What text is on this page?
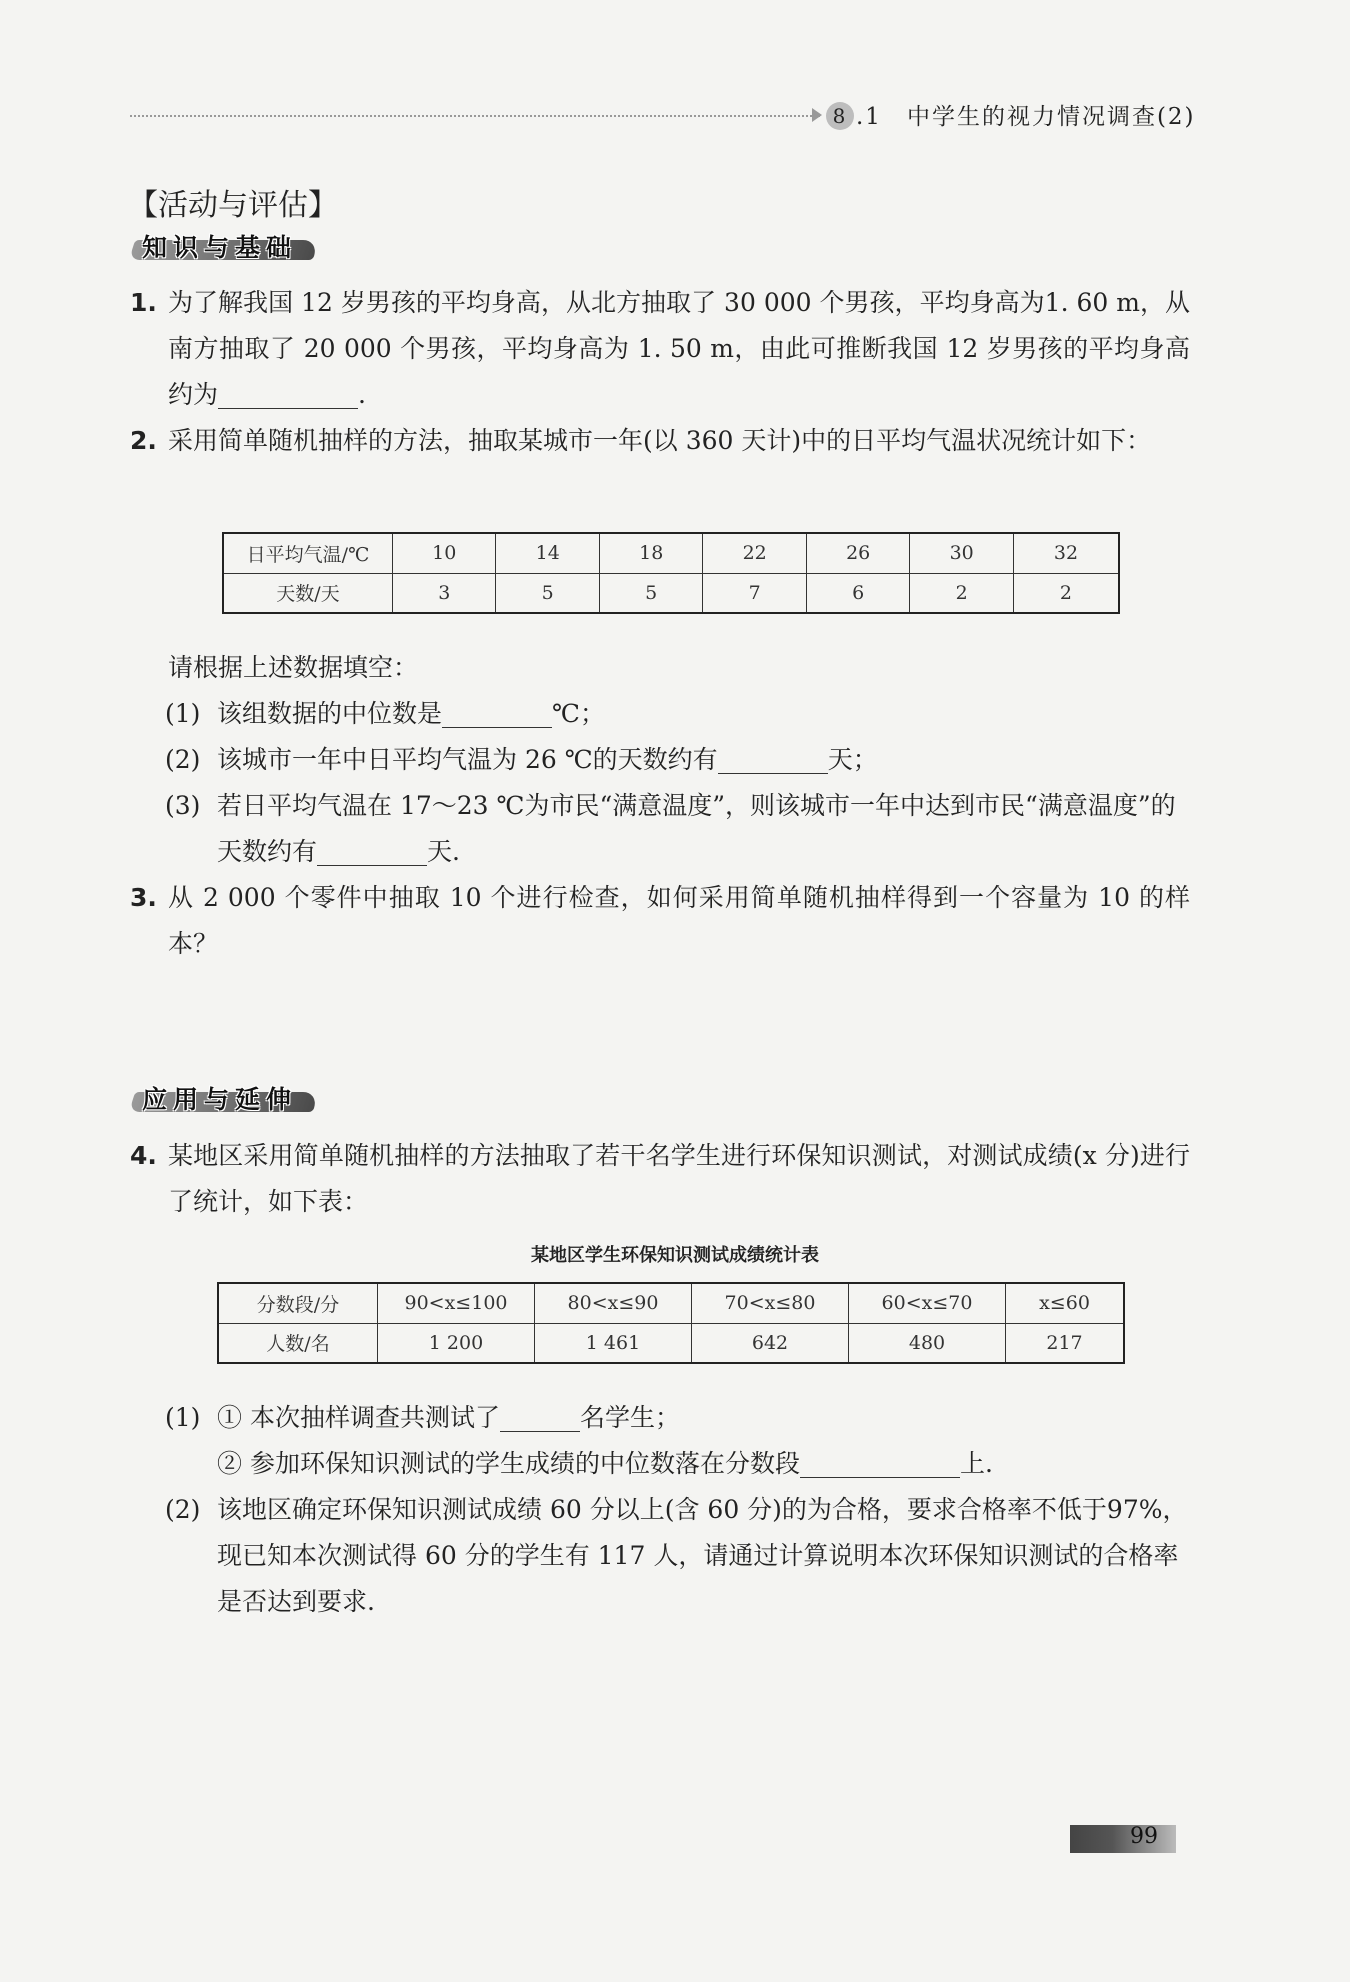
8 .1　中学生的视力情况调查(2)
【活动与评估】
知识与基础
1. 为了解我国 12 岁男孩的平均身高，从北方抽取了 30 000 个男孩，平均身高为1. 60 m，从南方抽取了 20 000 个男孩，平均身高为 1. 50 m，由此可推断我国 12 岁男孩的平均身高约为	.
2. 采用简单随机抽样的方法，抽取某城市一年(以 360 天计)中的日平均气温状况统计如下：
日平均气温/℃	10	14	18	22	26	30	32
天数/天	3	5	5	7	6	2	2
请根据上述数据填空：
(1) 该组数据的中位数是	℃；
(2) 该城市一年中日平均气温为 26 ℃的天数约有	天；
(3) 若日平均气温在 17～23 ℃为市民“满意温度”，则该城市一年中达到市民“满意温度”的天数约有	天.
3. 从 2 000 个零件中抽取 10 个进行检查，如何采用简单随机抽样得到一个容量为 10 的样本？
应用与延伸
4. 某地区采用简单随机抽样的方法抽取了若干名学生进行环保知识测试，对测试成绩(x 分)进行了统计，如下表：
某地区学生环保知识测试成绩统计表
分数段/分	90<x≤100	80<x≤90	70<x≤80	60<x≤70	x≤60
人数/名	1 200	1 461	642	480	217
(1) ① 本次抽样调查共测试了	名学生；
② 参加环保知识测试的学生成绩的中位数落在分数段	上.
(2) 该地区确定环保知识测试成绩 60 分以上(含 60 分)的为合格，要求合格率不低于97%，现已知本次测试得 60 分的学生有 117 人，请通过计算说明本次环保知识测试的合格率是否达到要求.
99
